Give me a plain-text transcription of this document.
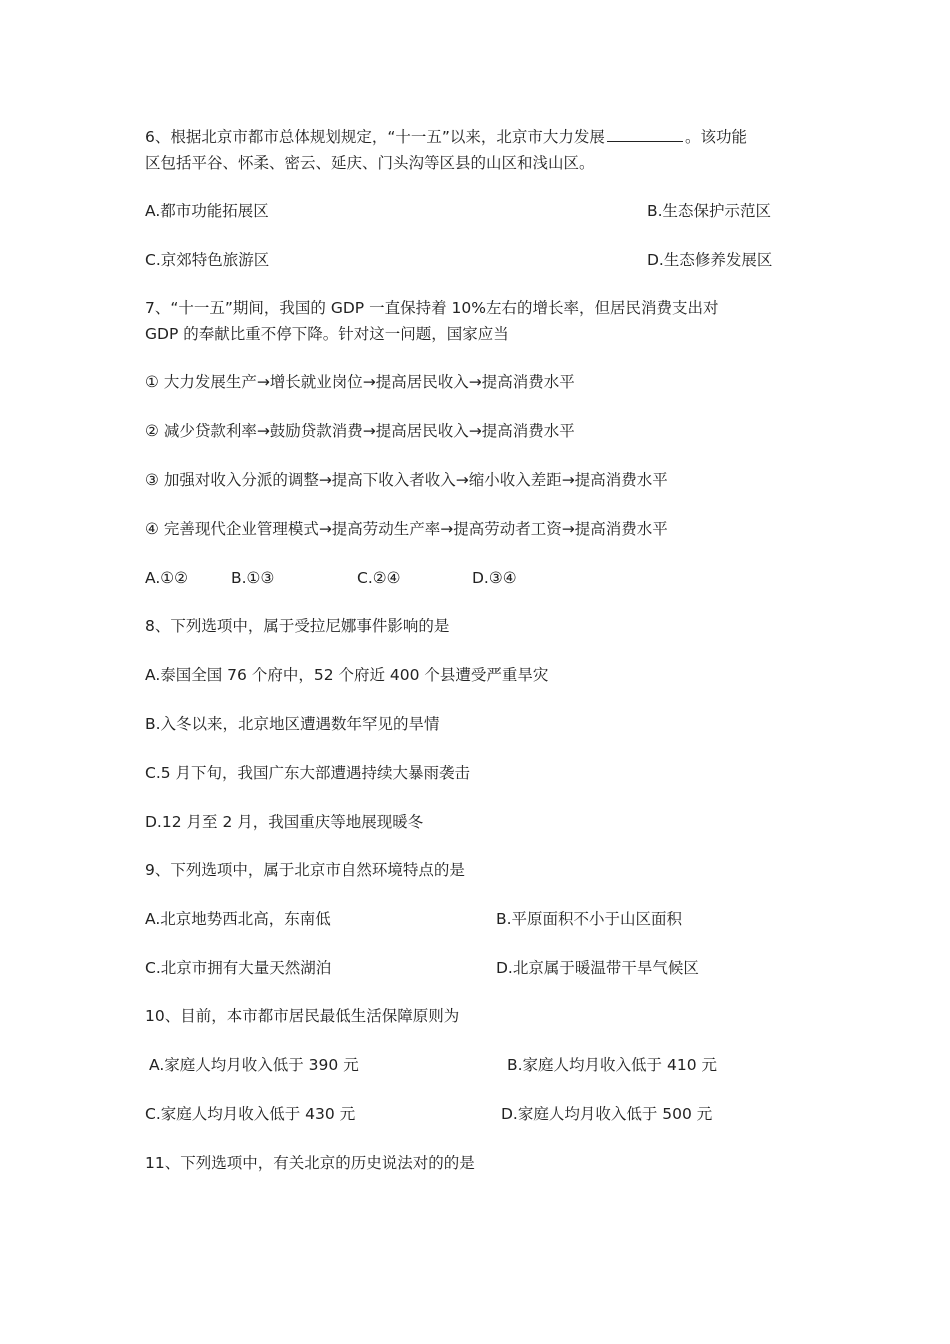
6、根据北京市都市总体规划规定，“十一五”以来，北京市大力发展	。该功能
区包括平谷、怀柔、密云、延庆、门头沟等区县的山区和浅山区。
A.都市功能拓展区	B.生态保护示范区
C.京郊特色旅游区	D.生态修养发展区
7、“十一五”期间，我国的 GDP 一直保持着 10%左右的增长率，但居民消费支出对
GDP 的奉献比重不停下降。针对这一问题，国家应当
① 大力发展生产→增长就业岗位→提高居民收入→提高消费水平
② 减少贷款利率→鼓励贷款消费→提高居民收入→提高消费水平
③ 加强对收入分派的调整→提高下收入者收入→缩小收入差距→提高消费水平
④ 完善现代企业管理模式→提高劳动生产率→提高劳动者工资→提高消费水平
A.①②	B.①③	C.②④	D.③④
8、下列选项中，属于受拉尼娜事件影响的是
A.泰国全国 76 个府中，52 个府近 400 个县遭受严重旱灾
B.入冬以来，北京地区遭遇数年罕见的旱情
C.5 月下旬，我国广东大部遭遇持续大暴雨袭击
D.12 月至 2 月，我国重庆等地展现暖冬
9、下列选项中，属于北京市自然环境特点的是
A.北京地势西北高，东南低	B.平原面积不小于山区面积
C.北京市拥有大量天然湖泊	D.北京属于暖温带干旱气候区
10、目前，本市都市居民最低生活保障原则为
A.家庭人均月收入低于 390 元	B.家庭人均月收入低于 410 元
C.家庭人均月收入低于 430 元	D.家庭人均月收入低于 500 元
11、下列选项中，有关北京的历史说法对的的是
